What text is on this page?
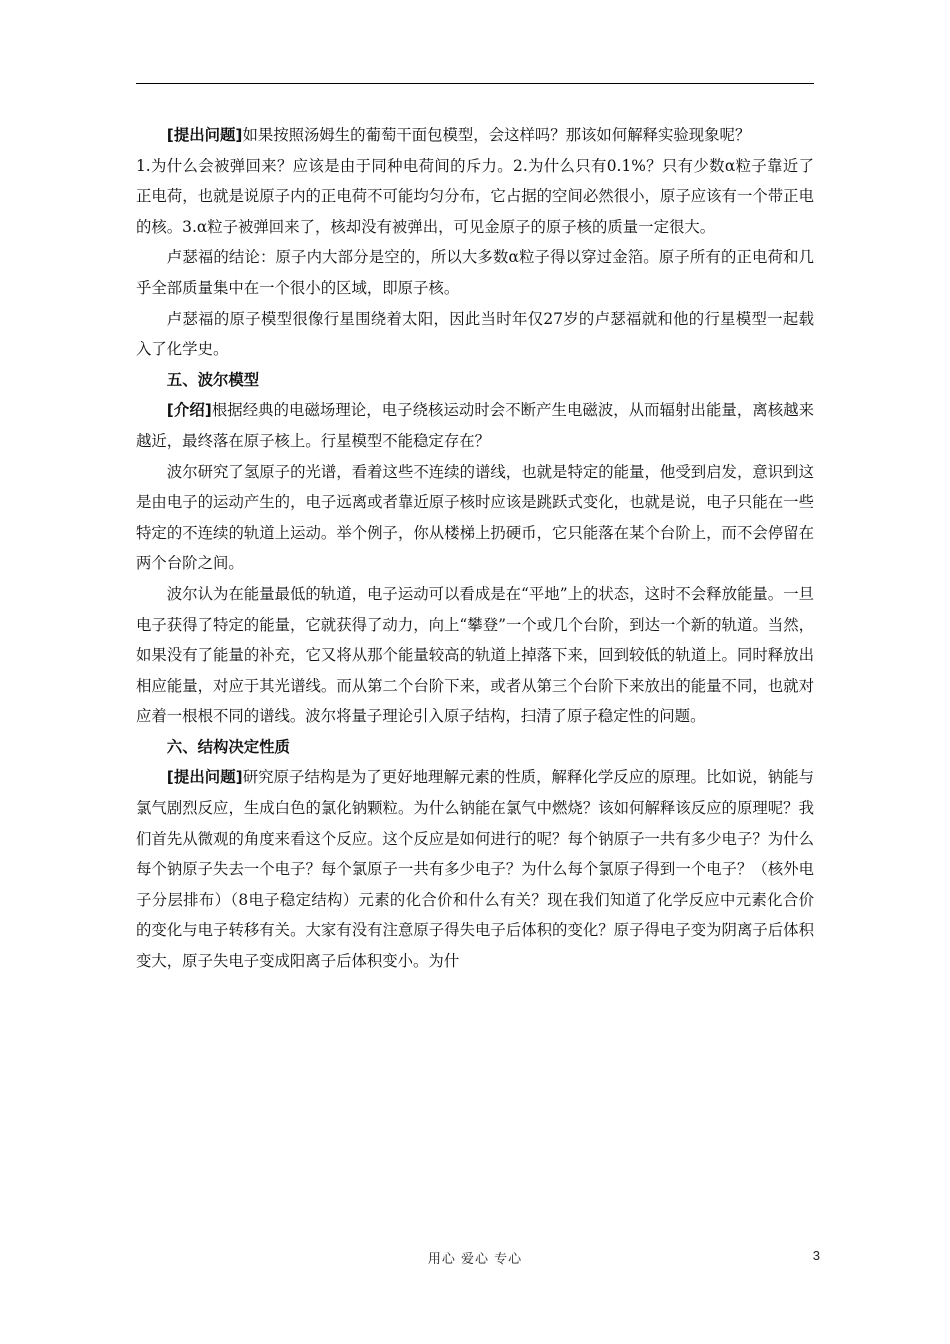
[提出问题]如果按照汤姆生的葡萄干面包模型，会这样吗？那该如何解释实验现象呢？

1.为什么会被弹回来？应该是由于同种电荷间的斥力。2.为什么只有0.1%？只有少数α粒子靠近了正电荷，也就是说原子内的正电荷不可能均匀分布，它占据的空间必然很小，原子应该有一个带正电的核。3.α粒子被弹回来了，核却没有被弹出，可见金原子的原子核的质量一定很大。

卢瑟福的结论：原子内大部分是空的，所以大多数α粒子得以穿过金箔。原子所有的正电荷和几乎全部质量集中在一个很小的区域，即原子核。

卢瑟福的原子模型很像行星围绕着太阳，因此当时年仅27岁的卢瑟福就和他的行星模型一起载入了化学史。

五、波尔模型

[介绍]根据经典的电磁场理论，电子绕核运动时会不断产生电磁波，从而辐射出能量，离核越来越近，最终落在原子核上。行星模型不能稳定存在？

波尔研究了氢原子的光谱，看着这些不连续的谱线，也就是特定的能量，他受到启发，意识到这是由电子的运动产生的，电子远离或者靠近原子核时应该是跳跃式变化，也就是说，电子只能在一些特定的不连续的轨道上运动。举个例子，你从楼梯上扔硬币，它只能落在某个台阶上，而不会停留在两个台阶之间。

波尔认为在能量最低的轨道，电子运动可以看成是在“平地”上的状态，这时不会释放能量。一旦电子获得了特定的能量，它就获得了动力，向上“攀登”一个或几个台阶，到达一个新的轨道。当然，如果没有了能量的补充，它又将从那个能量较高的轨道上掉落下来，回到较低的轨道上。同时释放出相应能量，对应于其光谱线。而从第二个台阶下来，或者从第三个台阶下来放出的能量不同，也就对应着一根根不同的谱线。波尔将量子理论引入原子结构，扫清了原子稳定性的问题。

六、结构决定性质

[提出问题]研究原子结构是为了更好地理解元素的性质，解释化学反应的原理。比如说，钠能与氯气剧烈反应，生成白色的氯化钠颗粒。为什么钠能在氯气中燃烧？该如何解释该反应的原理呢？我们首先从微观的角度来看这个反应。这个反应是如何进行的呢？每个钠原子一共有多少电子？为什么每个钠原子失去一个电子？每个氯原子一共有多少电子？为什么每个氯原子得到一个电子？（核外电子分层排布）（8电子稳定结构）元素的化合价和什么有关？现在我们知道了化学反应中元素化合价的变化与电子转移有关。大家有没有注意原子得失电子后体积的变化？原子得电子变为阴离子后体积变大，原子失电子变成阳离子后体积变小。为什

用心 爱心 专心	3
